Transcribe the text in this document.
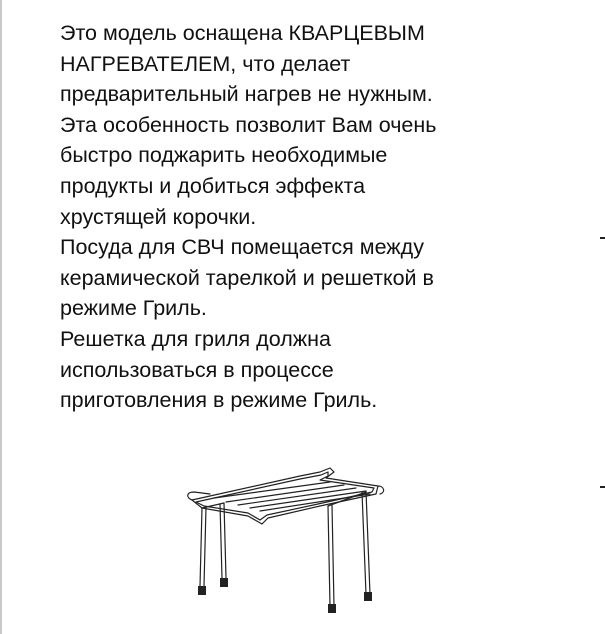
Это модель оснащена КВАРЦЕВЫМ
НАГРЕВАТЕЛЕМ, что делает
предварительный нагрев не нужным.
Эта особенность позволит Вам очень
быстро поджарить необходимые
продукты и добиться эффекта
хрустящей корочки.
Посуда для СВЧ помещается между
керамической тарелкой и решеткой в
режиме Гриль.
Решетка для гриля должна
использоваться в процессе
приготовления в режиме Гриль.
